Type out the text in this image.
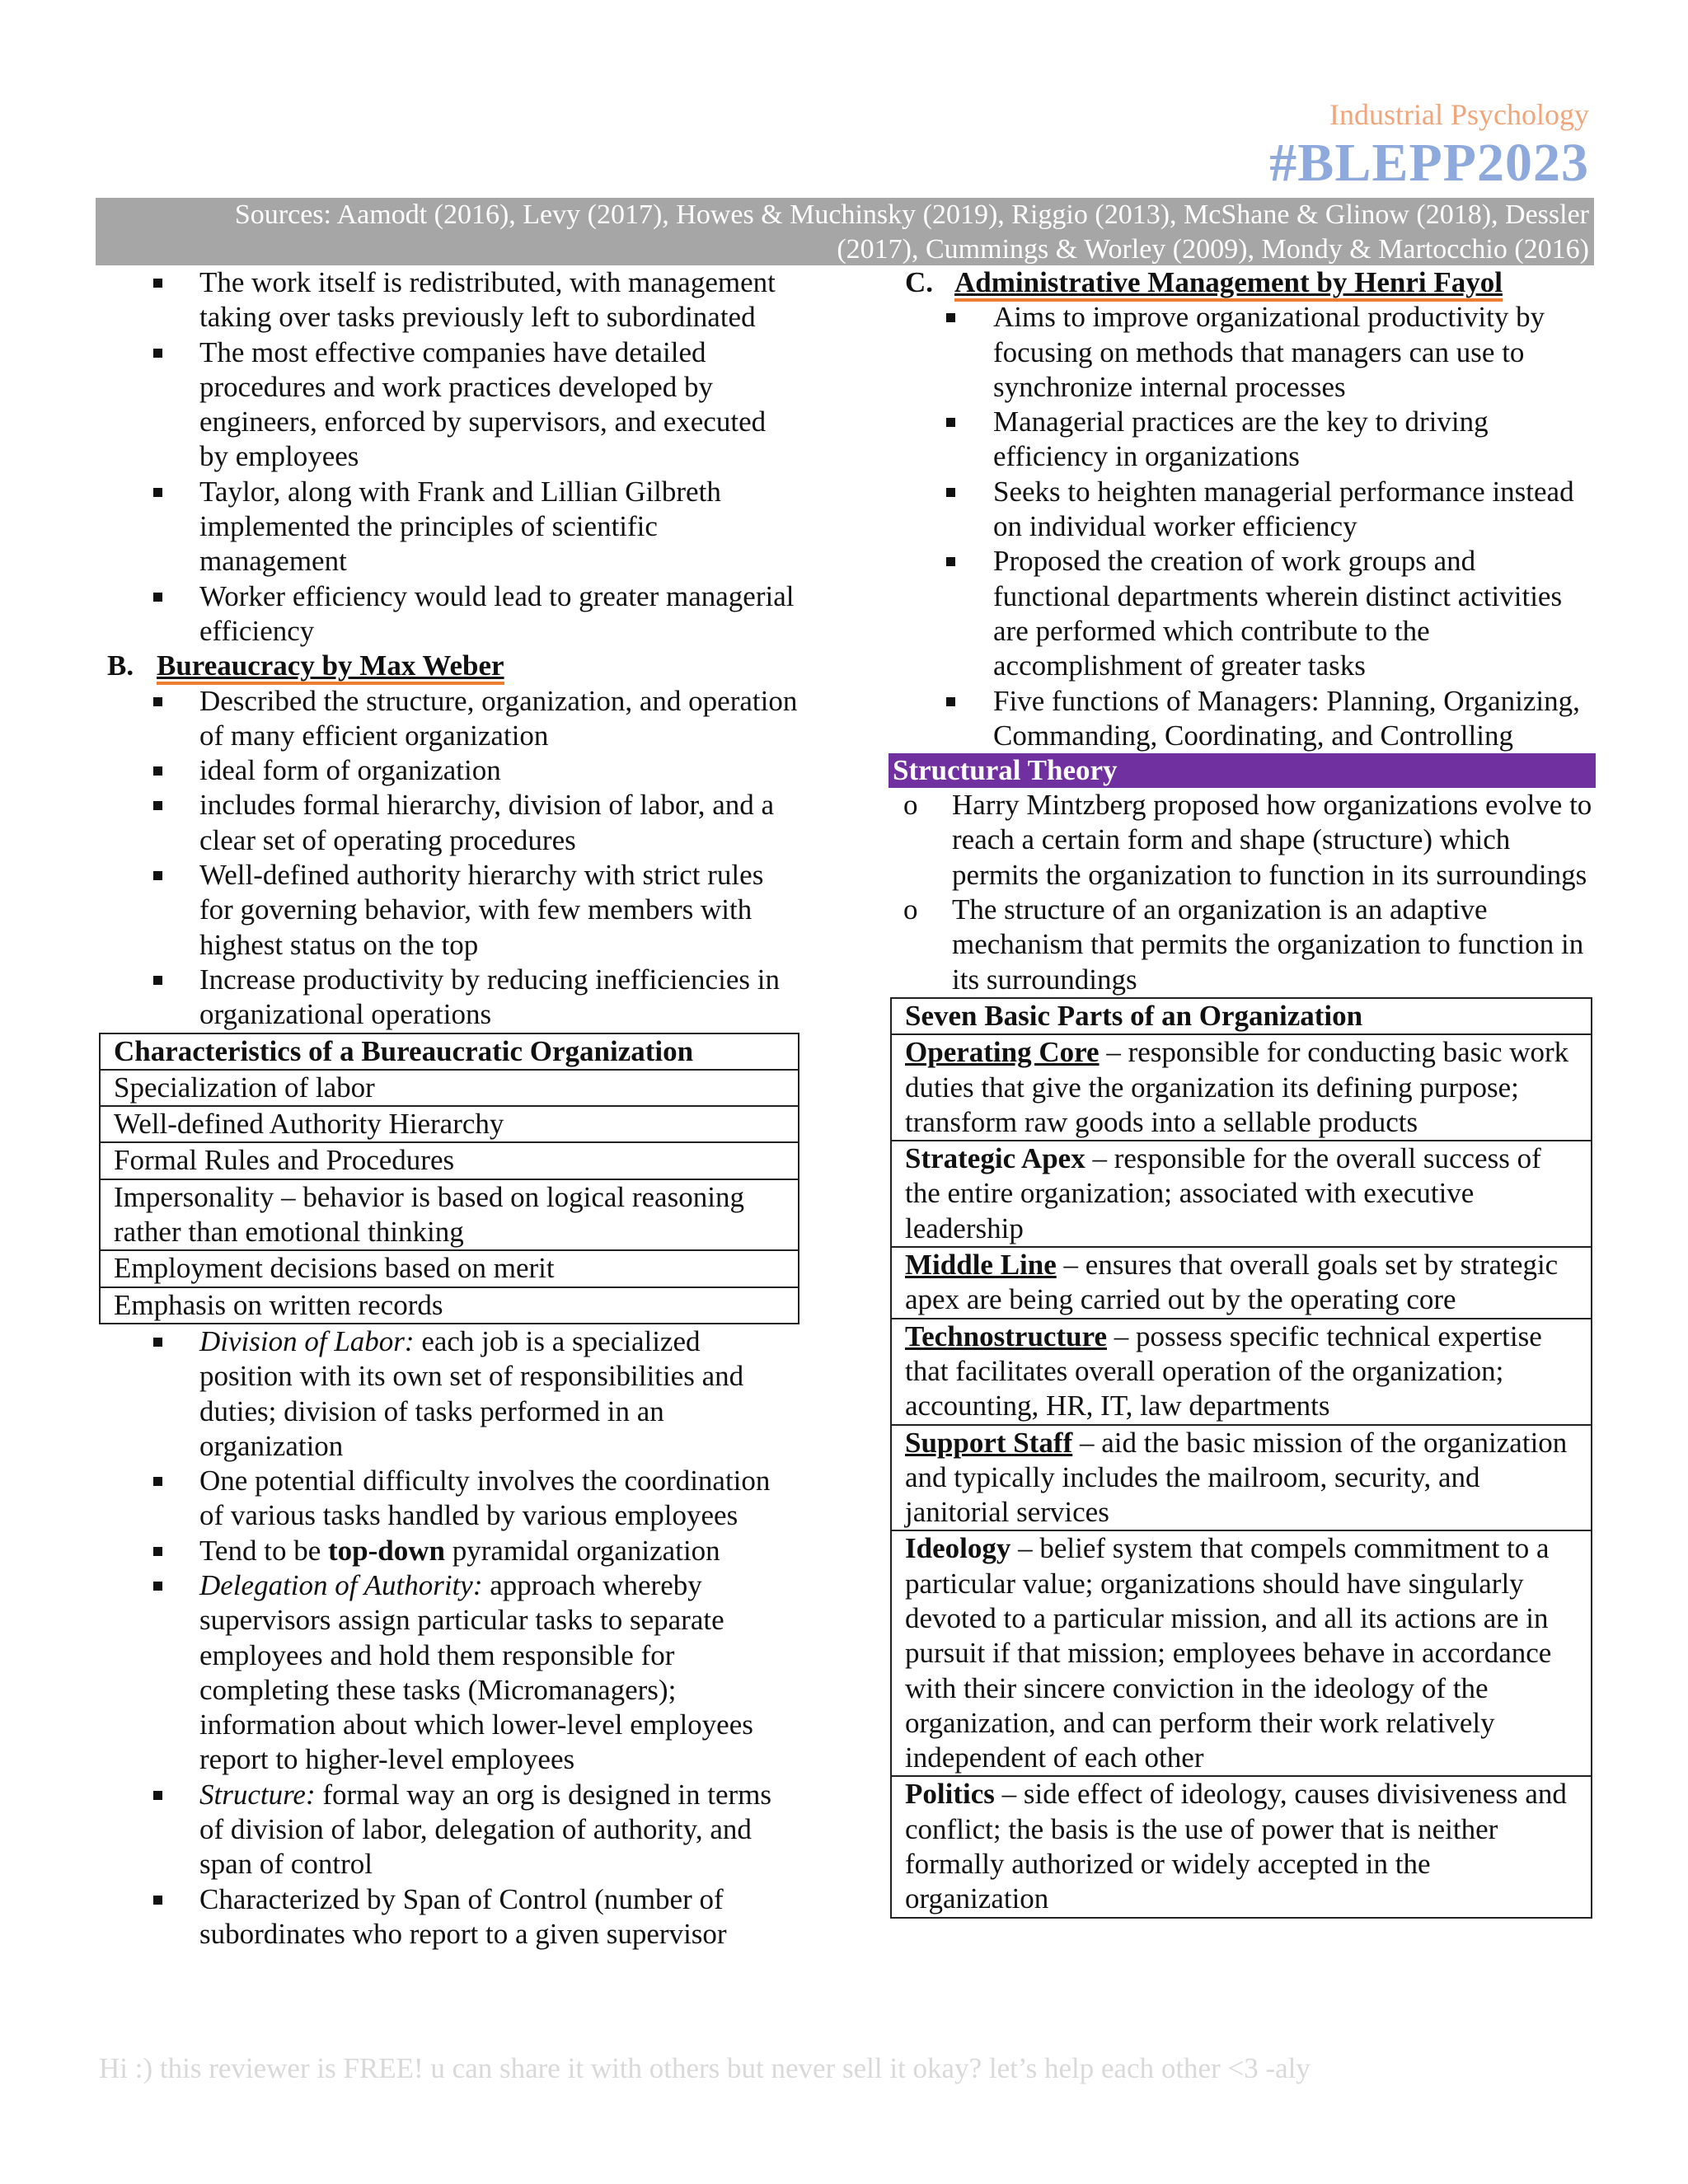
Industrial Psychology
#BLEPP2023
Sources: Aamodt (2016), Levy (2017), Howes & Muchinsky (2019), Riggio (2013), McShane & Glinow (2018), Dessler
(2017), Cummings & Worley (2009), Mondy & Martocchio (2016)
The work itself is redistributed, with management taking over tasks previously left to subordinated
The most effective companies have detailed procedures and work practices developed by engineers, enforced by supervisors, and executed by employees
Taylor, along with Frank and Lillian Gilbreth implemented the principles of scientific management
Worker efficiency would lead to greater managerial efficiency
B. Bureaucracy by Max Weber
Described the structure, organization, and operation of many efficient organization
ideal form of organization
includes formal hierarchy, division of labor, and a clear set of operating procedures
Well-defined authority hierarchy with strict rules for governing behavior, with few members with highest status on the top
Increase productivity by reducing inefficiencies in organizational operations
Characteristics of a Bureaucratic Organization
Specialization of labor
Well-defined Authority Hierarchy
Formal Rules and Procedures
Impersonality – behavior is based on logical reasoning rather than emotional thinking
Employment decisions based on merit
Emphasis on written records
Division of Labor: each job is a specialized position with its own set of responsibilities and duties; division of tasks performed in an organization
One potential difficulty involves the coordination of various tasks handled by various employees
Tend to be top-down pyramidal organization
Delegation of Authority: approach whereby supervisors assign particular tasks to separate employees and hold them responsible for completing these tasks (Micromanagers); information about which lower-level employees report to higher-level employees
Structure: formal way an org is designed in terms of division of labor, delegation of authority, and span of control
Characterized by Span of Control (number of subordinates who report to a given supervisor
C. Administrative Management by Henri Fayol
Aims to improve organizational productivity by focusing on methods that managers can use to synchronize internal processes
Managerial practices are the key to driving efficiency in organizations
Seeks to heighten managerial performance instead on individual worker efficiency
Proposed the creation of work groups and functional departments wherein distinct activities are performed which contribute to the accomplishment of greater tasks
Five functions of Managers: Planning, Organizing, Commanding, Coordinating, and Controlling
Structural Theory
o Harry Mintzberg proposed how organizations evolve to reach a certain form and shape (structure) which permits the organization to function in its surroundings
o The structure of an organization is an adaptive mechanism that permits the organization to function in its surroundings
Seven Basic Parts of an Organization
Operating Core – responsible for conducting basic work duties that give the organization its defining purpose; transform raw goods into a sellable products
Strategic Apex – responsible for the overall success of the entire organization; associated with executive leadership
Middle Line – ensures that overall goals set by strategic apex are being carried out by the operating core
Technostructure – possess specific technical expertise that facilitates overall operation of the organization; accounting, HR, IT, law departments
Support Staff – aid the basic mission of the organization and typically includes the mailroom, security, and janitorial services
Ideology – belief system that compels commitment to a particular value; organizations should have singularly devoted to a particular mission, and all its actions are in pursuit if that mission; employees behave in accordance with their sincere conviction in the ideology of the organization, and can perform their work relatively independent of each other
Politics – side effect of ideology, causes divisiveness and conflict; the basis is the use of power that is neither formally authorized or widely accepted in the organization
Hi :) this reviewer is FREE! u can share it with others but never sell it okay? let’s help each other <3 -aly
